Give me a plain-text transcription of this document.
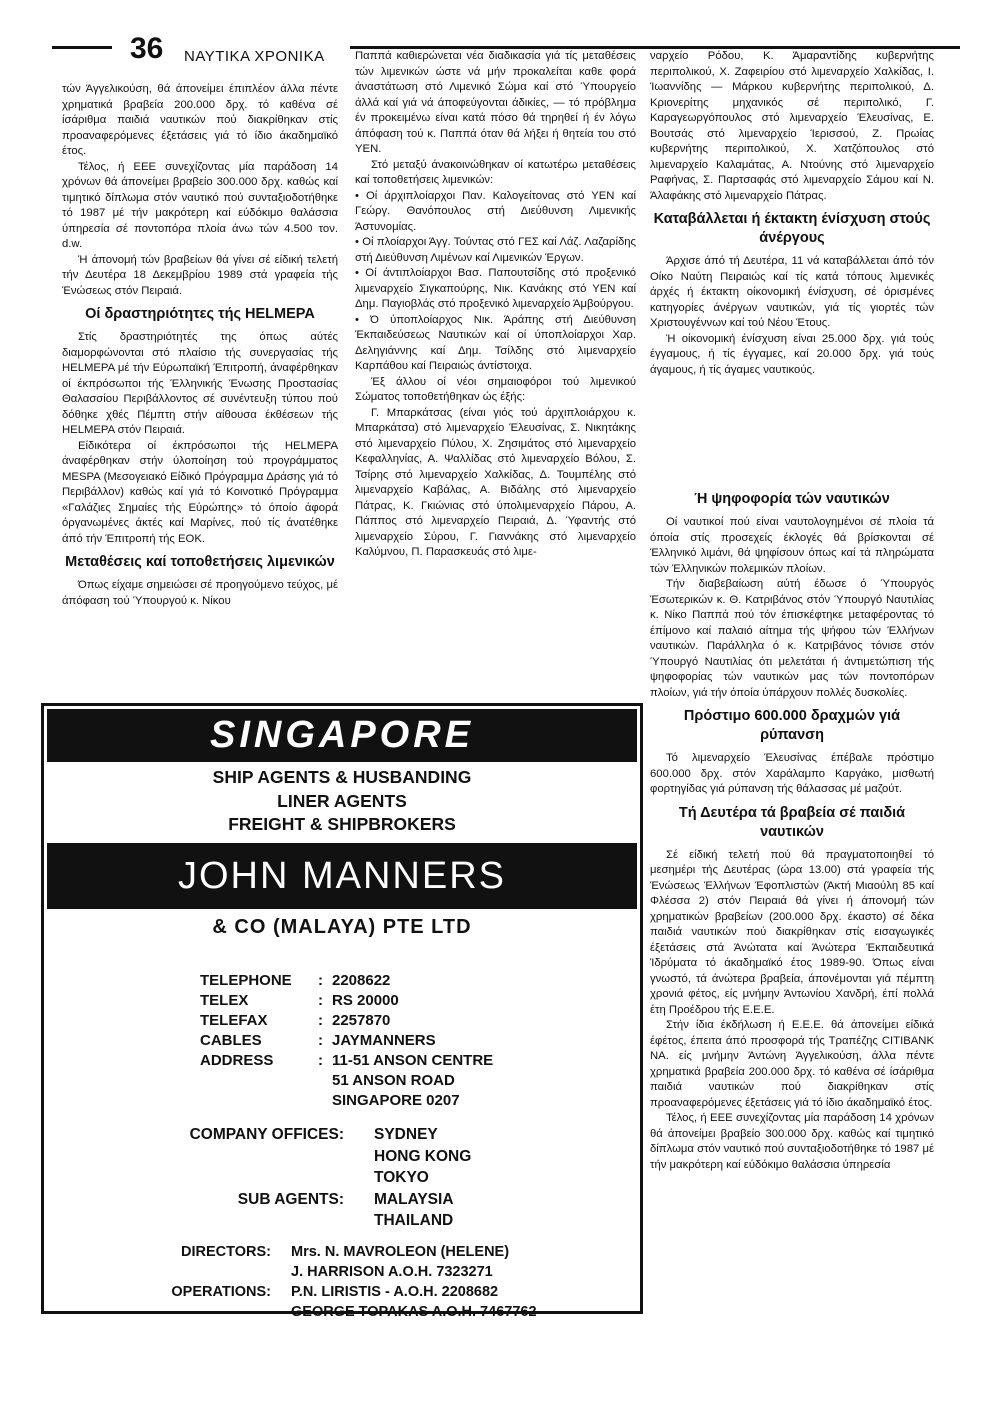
36 ΝΑΥΤΙΚΑ ΧΡΟΝΙΚΑ

τών Άγγελικούση, θά άπονείμει έπιπλέον άλλα πέντε χρηματικά βραβεία 200.000 δρχ. τό καθένα σέ ίσάριθμα παιδιά ναυτικών πού διακρίθηκαν στίς προαναφερόμενες έξετάσεις γιά τό ίδιο άκαδημαϊκό έτος.

Τέλος, ή ΕΕΕ συνεχίζοντας μία παράδοση 14 χρόνων θά άπονείμει βραβείο 300.000 δρχ. καθώς καί τιμητικό δίπλωμα στόν ναυτικό πού συνταξιοδοτήθηκε τό 1987 μέ τήν μακρότερη καί εύδόκιμο θαλάσσια ύπηρεσία σέ ποντοπόρα πλοία άνω τών 4.500 τον. d.w.

Ή άπονομή τών βραβείων θά γίνει σέ είδική τελετή τήν Δευτέρα 18 Δεκεμβρίου 1989 στά γραφεία τής Ένώσεως στόν Πειραιά.

Οί δραστηριότητες τής HELMEPA

Στίς δραστηριότητές της όπως αύτές διαμορφώνονται στό πλαίσιο τής συνεργασίας τής HELMEPA μέ τήν Εύρωπαϊκή Έπιτροπή, άναφέρθηκαν οί έκπρόσωποι τής Έλληνικής Ένωσης Προστασίας Θαλασσίου Περιβάλλοντος σέ συνέντευξη τύπου πού δόθηκε χθές Πέμπτη στήν αίθουσα έκθέσεων τής HELMEPA στόν Πειραιά.

Είδικότερα οί έκπρόσωποι τής HELMEPA άναφέρθηκαν στήν ύλοποίηση τού προγράμματος MESPA (Μεσογειακό Είδικό Πρόγραμμα Δράσης γιά τό Περιβάλλον) καθώς καί γιά τό Κοινοτικό Πρόγραμμα «Γαλάζιες Σημαίες τής Εύρώπης» τό όποίο άφορά όργανωμένες άκτές καί Μαρίνες, πού τίς άνατέθηκε άπό τήν Έπιτροπή τής ΕΟΚ.

Μεταθέσεις καί τοποθετήσεις λιμενικών

Όπως είχαμε σημειώσει σέ προηγούμενο τεύχος, μέ άπόφαση τού Ύπουργού κ. Νίκου

Παππά καθιερώνεται νέα διαδικασία γιά τίς μεταθέσεις τών λιμενικών ώστε νά μήν προκαλείται καθε φορά άναστάτωση στό Λιμενικό Σώμα καί στό Ύπουργείο άλλά καί γιά νά άποφεύγονται άδικίες, — τό πρόβλημα έν προκειμένω είναι κατά πόσο θά τηρηθεί ή έν λόγω άπόφαση τού κ. Παππά όταν θά λήξει ή θητεία του στό ΥΕΝ.

Στό μεταξύ άνακοινώθηκαν οί κατωτέρω μεταθέσεις καί τοποθετήσεις λιμενικών:

• Οί άρχιπλοίαρχοι Παν. Καλογείτονας στό ΥΕΝ καί Γεώργ. Θανόπουλος στή Διεύθυνση Λιμενικής Άστυνομίας.

• Οί πλοίαρχοι Άγγ. Τούντας στό ΓΕΣ καί Λάζ. Λαζαρίδης στή Διεύθυνση Λιμένων καί Λιμενικών Έργων.

• Οί άντιπλοίαρχοι Βασ. Παπουτσίδης στό προξενικό λιμεναρχείο Σιγκαπούρης, Νικ. Κανάκης στό ΥΕΝ καί Δημ. Παγιοβλάς στό προξενικό λιμεναρχείο Άμβούργου.

• Ό ύποπλοίαρχος Νικ. Άράπης στή Διεύθυνση Έκπαιδεύσεως Ναυτικών καί οί ύποπλοίαρχοι Χαρ. Δεληγιάννης καί Δημ. Τσίλδης στό λιμεναρχείο Καρπάθου καί Πειραιώς άντίστοιχα.

Έξ άλλου οί νέοι σημαιοφόροι τού λιμενικού Σώματος τοποθετήθηκαν ώς έξής:

Γ. Μπαρκάτσας (είναι γιός τού άρχιπλοιάρχου κ. Μπαρκάτσα) στό λιμεναρχείο Έλευσίνας, Σ. Νικητάκης στό λιμεναρχείο Πύλου, Χ. Ζησιμάτος στό λιμεναρχείο Κεφαλληνίας, Α. Ψαλλίδας στό λιμεναρχείο Βόλου, Σ. Τσίρης στό λιμεναρχείο Χαλκίδας, Δ. Τουμπέλης στό λιμεναρχείο Καβάλας, Α. Βιδάλης στό λιμεναρχείο Πάτρας, Κ. Γκιώνιας στό ύπολιμεναρχείο Πάρου, Α. Πάππος στό λιμεναρχείο Πειραιά, Δ. Ύφαντής στό λιμεναρχείο Σύρου, Γ. Γιαννάκης στό λιμεναρχείο Καλύμνου, Π. Παρασκευάς στό λιμε-

ναρχείο Ρόδου, Κ. Άμαραντίδης κυβερνήτης περιπολικού, Χ. Ζαφειρίου στό λιμεναρχείο Χαλκίδας, Ι. Ίωαννίδης — Μάρκου κυβερνήτης περιπολικού, Δ. Κριονερίτης μηχανικός σέ περιπολικό, Γ. Καραγεωργόπουλος στό λιμεναρχείο Έλευσίνας, Ε. Βουτσάς στό λιμεναρχείο Ίερισσού, Ζ. Πρωίας κυβερνήτης περιπολικού, Χ. Χατζόπουλος στό λιμεναρχείο Καλαμάτας, Α. Ντούνης στό λιμεναρχείο Ραφήνας, Σ. Παρτσαφάς στό λιμεναρχείο Σάμου καί Ν. Άλαφάκης στό λιμεναρχείο Πάτρας.

Καταβάλλεται ή έκτακτη ένίσχυση στούς άνέργους

Άρχισε άπό τή Δευτέρα, 11 νά καταβάλλεται άπό τόν Οίκο Ναύτη Πειραιώς καί τίς κατά τόπους λιμενικές άρχές ή έκτακτη οίκονομική ένίσχυση, σέ όρισμένες κατηγορίες άνέργων ναυτικών, γιά τίς γιορτές τών Χριστουγέννων καί τού Νέου Έτους.

Ή οίκονομική ένίσχυση είναι 25.000 δρχ. γιά τούς έγγαμους, ή τίς έγγαμες, καί 20.000 δρχ. γιά τούς άγαμους, ή τίς άγαμες ναυτικούς.

Ή ψηφοφορία τών ναυτικών

Οί ναυτικοί πού είναι ναυτολογημένοι σέ πλοία τά όποία στίς προσεχείς έκλογές θά βρίσκονται σέ Έλληνικό λιμάνι, θά ψηφίσουν όπως καί τά πληρώματα τών Έλληνικών πολεμικών πλοίων.

Τήν διαβεβαίωση αύτή έδωσε ό Ύπουργός Έσωτερικών κ. Θ. Κατριβάνος στόν Ύπουργό Ναυτιλίας κ. Νίκο Παππά πού τόν έπισκέφτηκε μεταφέροντας τό έπίμονο καί παλαιό αίτημα τής ψήφου τών Έλλήνων ναυτικών. Παράλληλα ό κ. Κατριβάνος τόνισε στόν Ύπουργό Ναυτιλίας ότι μελετάται ή άντιμετώπιση τής ψηφοφορίας τών ναυτικών μας τών ποντοπόρων πλοίων, γιά τήν όποία ύπάρχουν πολλές δυσκολίες.

Πρόστιμο 600.000 δραχμών γιά ρύπανση

Τό λιμεναρχείο Έλευσίνας έπέβαλε πρόστιμο 600.000 δρχ. στόν Χαράλαμπο Καργάκο, μισθωτή φορτηγίδας γιά ρύπανση τής θάλασσας μέ μαζούτ.

Τή Δευτέρα τά βραβεία σέ παιδιά ναυτικών

Σέ είδική τελετή πού θά πραγματοποιηθεί τό μεσημέρι τής Δευτέρας (ώρα 13.00) στά γραφεία τής Ένώσεως Έλλήνων Έφοπλιστών (Άκτή Μιαούλη 85 καί Φλέσσα 2) στόν Πειραιά θά γίνει ή άπονομή τών χρηματικών βραβείων (200.000 δρχ. έκαστο) σέ δέκα παιδιά ναυτικών πού διακρίθηκαν στίς εισαγωγικές έξετάσεις στά Άνώτατα καί Άνώτερα Έκπαιδευτικά Ίδρύματα τό άκαδημαϊκό έτος 1989-90. Όπως είναι γνωστό, τά άνώτερα βραβεία, άπονέμονται γιά πέμπτη χρονιά φέτος, είς μνήμην Άντωνίου Χανδρή, έπί πολλά έτη Προέδρου τής Ε.Ε.Ε.

Στήν ίδια έκδήλωση ή Ε.Ε.Ε. θά άπονείμει είδικά έφέτος, έπειτα άπό προσφορά τής Τραπέζης CITIBANK NA. είς μνήμην Άντώνη Άγγελικούση, άλλα πέντε χρηματικά βραβεία 200.000 δρχ. τό καθένα σέ ίσάριθμα παιδιά ναυτικών πού διακρίθηκαν στίς προαναφερόμενες έξετάσεις γιά τό ίδιο άκαδημαϊκό έτος.

Τέλος, ή ΕΕΕ συνεχίζοντας μία παράδοση 14 χρόνων θά άπονείμει βραβείο 300.000 δρχ. καθώς καί τιμητικό δίπλωμα στόν ναυτικό πού συνταξιοδοτήθηκε τό 1987 μέ τήν μακρότερη καί εύδόκιμο θαλάσσια ύπηρεσία

SINGAPORE
SHIP AGENTS & HUSBANDING
LINER AGENTS
FREIGHT & SHIPBROKERS
JOHN MANNERS
& CO (MALAYA) PTE LTD
TELEPHONE	: 2208622
TELEX	: RS 20000
TELEFAX	: 2257870
CABLES	: JAYMANNERS
ADDRESS	: 11-51 ANSON CENTRE
51 ANSON ROAD
SINGAPORE 0207
COMPANY OFFICES:	SYDNEY
HONG KONG
TOKYO
SUB AGENTS:	MALAYSIA
THAILAND
DIRECTORS:	Mrs. N. MAVROLEON (HELENE)
J. HARRISON A.O.H. 7323271
OPERATIONS:	P.N. LIRISTIS - A.O.H. 2208682
GEORGE TOPAKAS A.O.H. 7467762
